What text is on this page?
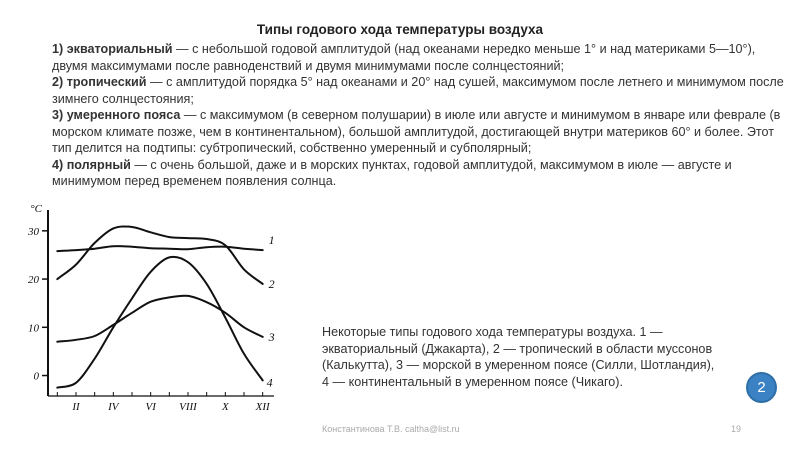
Типы годового хода температуры воздуха

1) экваториальный — с небольшой годовой амплитудой (над океанами нередко меньше 1° и над материками 5—10°), двумя максимумами после равноденствий и двумя минимумами после солнцестояний;

2) тропический — с амплитудой порядка 5° над океанами и 20° над сушей, максимумом после летнего и минимумом после зимнего солнцестояния;

3) умеренного пояса — с максимумом (в северном полушарии) в июле или августе и минимумом в январе или феврале (в морском климате позже, чем в континентальном), большой амплитудой, достигающей внутри материков 60° и более. Этот тип делится на подтипы: субтропический, собственно умеренный и субполярный;

4) полярный — с очень большой, даже и в морских пунктах, годовой амплитудой, максимумом в июле — августе и минимумом перед временем появления солнца.

30
20
10
0
°C
II	IV VI VIII X XII
1
2
3
4
Некоторые типы годового хода температуры воздуха. 1 — экваториальный (Джакарта), 2 — тропический в области муссонов (Калькутта), 3 — морской в умеренном поясе (Силли, Шотландия), 4 — континентальный в умеренном поясе (Чикаго).
Константинова Т.В. caltha@list.ru	19
2
